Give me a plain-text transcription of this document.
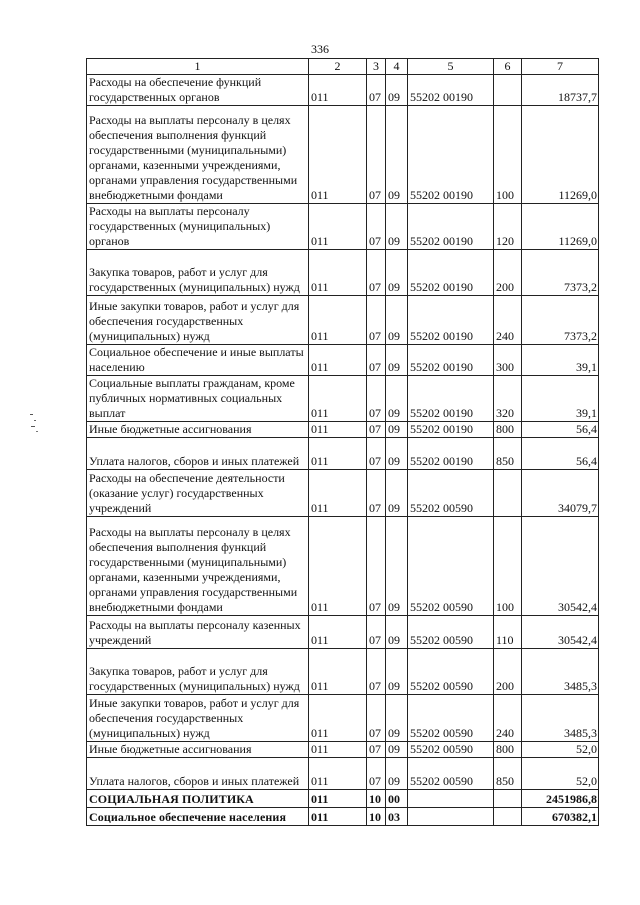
336
1	2	3	4	5	6	7
Расходы на обеспечение функций государственных органов	011	07	09	55202 00190		18737,7
Расходы на выплаты персоналу в целях обеспечения выполнения функций государственными (муниципальными) органами, казенными учреждениями, органами управления государственными внебюджетными фондами	011	07	09	55202 00190	100	11269,0
Расходы на выплаты персоналу государственных (муниципальных) органов	011	07	09	55202 00190	120	11269,0
Закупка товаров, работ и услуг для государственных (муниципальных) нужд	011	07	09	55202 00190	200	7373,2
Иные закупки товаров, работ и услуг для обеспечения государственных (муниципальных) нужд	011	07	09	55202 00190	240	7373,2
Социальное обеспечение и иные выплаты населению	011	07	09	55202 00190	300	39,1
Социальные выплаты гражданам, кроме публичных нормативных социальных выплат	011	07	09	55202 00190	320	39,1
Иные бюджетные ассигнования	011	07	09	55202 00190	800	56,4
Уплата налогов, сборов и иных платежей	011	07	09	55202 00190	850	56,4
Расходы на обеспечение деятельности (оказание услуг) государственных учреждений	011	07	09	55202 00590		34079,7
Расходы на выплаты персоналу в целях обеспечения выполнения функций государственными (муниципальными) органами, казенными учреждениями, органами управления государственными внебюджетными фондами	011	07	09	55202 00590	100	30542,4
Расходы на выплаты персоналу казенных учреждений	011	07	09	55202 00590	110	30542,4
Закупка товаров, работ и услуг для государственных (муниципальных) нужд	011	07	09	55202 00590	200	3485,3
Иные закупки товаров, работ и услуг для обеспечения государственных (муниципальных) нужд	011	07	09	55202 00590	240	3485,3
Иные бюджетные ассигнования	011	07	09	55202 00590	800	52,0
Уплата налогов, сборов и иных платежей	011	07	09	55202 00590	850	52,0
СОЦИАЛЬНАЯ ПОЛИТИКА	011	10	00			2451986,8
Социальное обеспечение населения	011	10	03			670382,1
